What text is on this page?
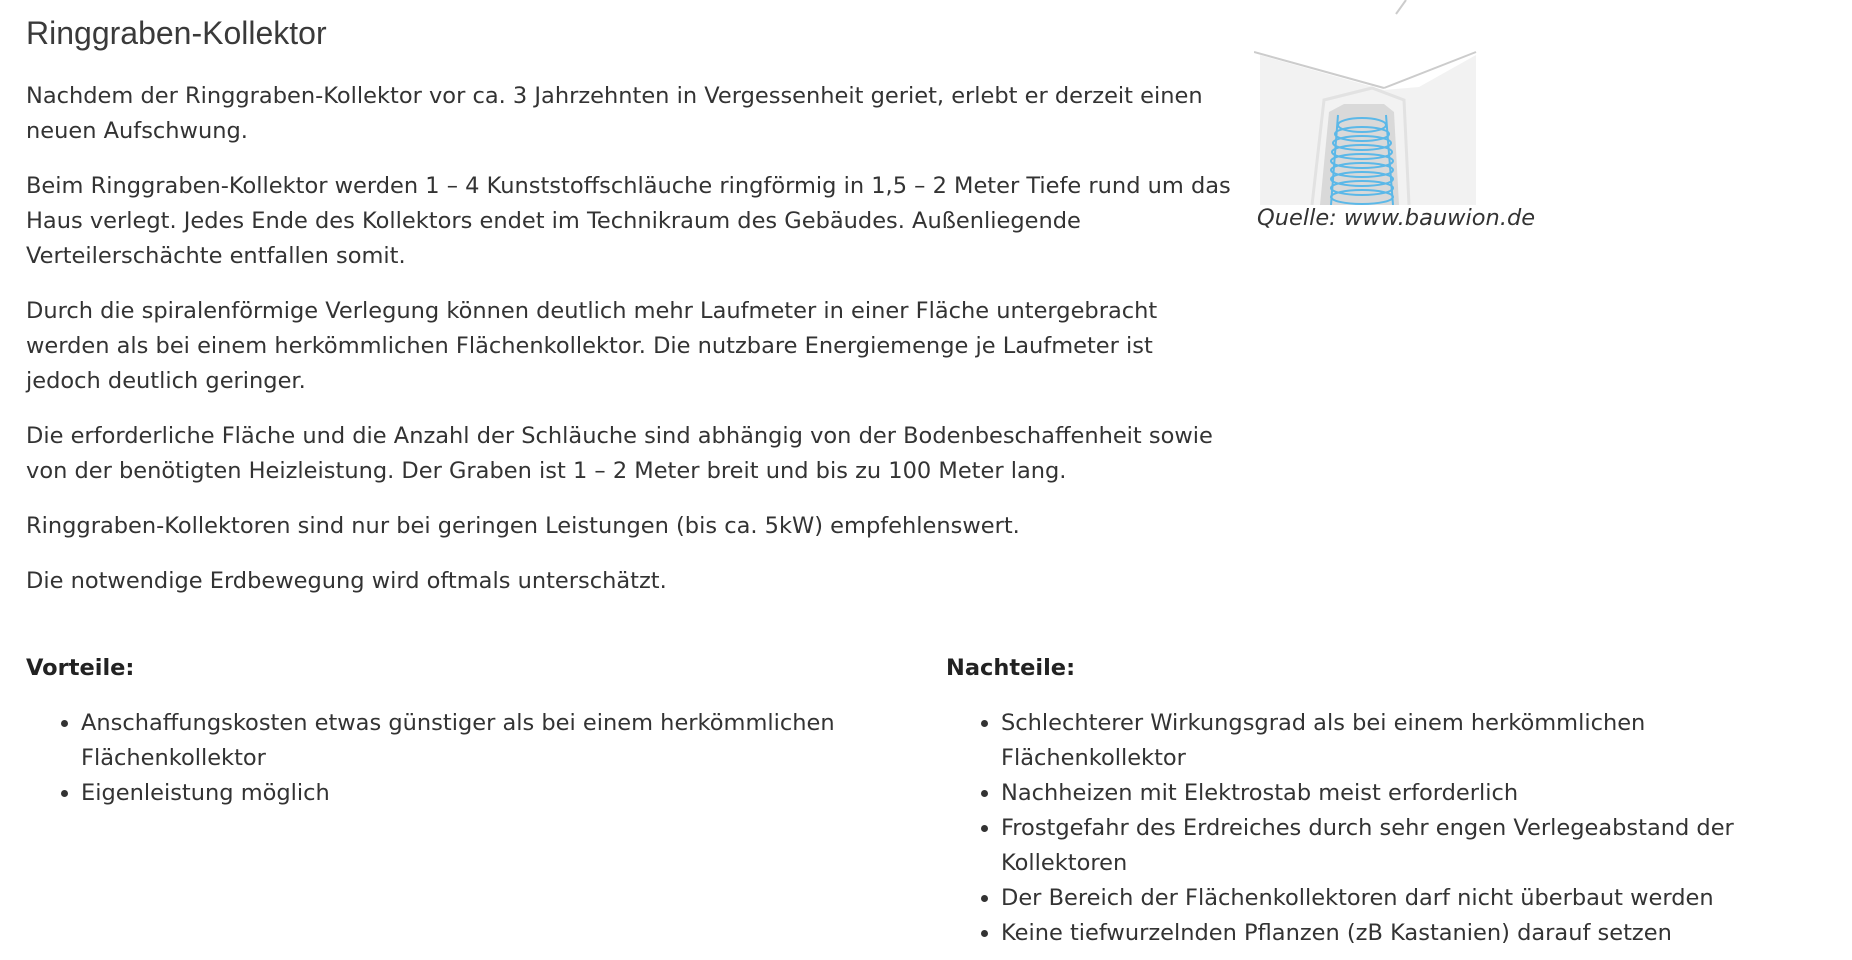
Ringgraben-Kollektor

Nachdem der Ringgraben-Kollektor vor ca. 3 Jahrzehnten in Vergessenheit geriet, erlebt er derzeit einen neuen Aufschwung.

Beim Ringgraben-Kollektor werden 1 – 4 Kunststoffschläuche ringförmig in 1,5 – 2 Meter Tiefe rund um das Haus verlegt. Jedes Ende des Kollektors endet im Technikraum des Gebäudes. Außenliegende Verteilerschächte entfallen somit.

Durch die spiralenförmige Verlegung können deutlich mehr Laufmeter in einer Fläche untergebracht werden als bei einem herkömmlichen Flächenkollektor. Die nutzbare Energiemenge je Laufmeter ist jedoch deutlich geringer.

Die erforderliche Fläche und die Anzahl der Schläuche sind abhängig von der Bodenbeschaffenheit sowie von der benötigten Heizleistung. Der Graben ist 1 – 2 Meter breit und bis zu 100 Meter lang.

Ringgraben-Kollektoren sind nur bei geringen Leistungen (bis ca. 5kW) empfehlenswert.

Die notwendige Erdbewegung wird oftmals unterschätzt.

Quelle: www.bauwion.de

Vorteile:

• Anschaffungskosten etwas günstiger als bei einem herkömmlichen Flächenkollektor
• Eigenleistung möglich

Nachteile:

• Schlechterer Wirkungsgrad als bei einem herkömmlichen Flächenkollektor
• Nachheizen mit Elektrostab meist erforderlich
• Frostgefahr des Erdreiches durch sehr engen Verlegeabstand der Kollektoren
• Der Bereich der Flächenkollektoren darf nicht überbaut werden
• Keine tiefwurzelnden Pflanzen (zB Kastanien) darauf setzen
